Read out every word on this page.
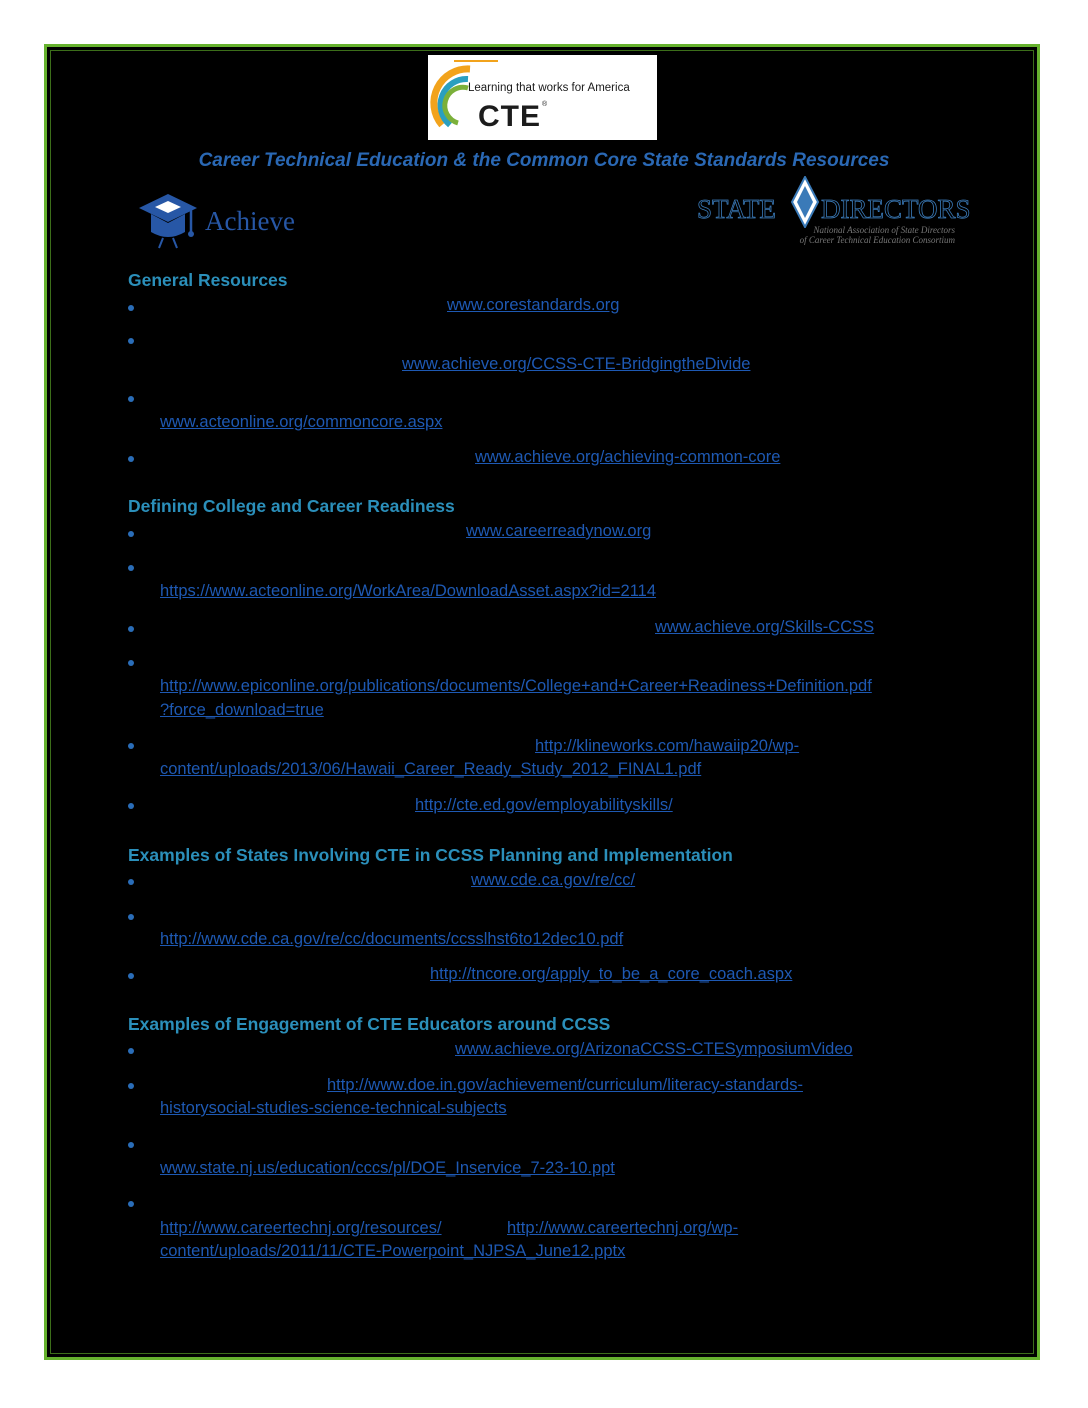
Learning that works for America
CTE ®
Career Technical Education & the Common Core State Standards Resources
Achieve	STATE DIRECTORS
National Association of State Directors
of Career Technical Education Consortium
General Resources
www.corestandards.org
www.achieve.org/CCSS-CTE-BridgingtheDivide
www.acteonline.org/commoncore.aspx
www.achieve.org/achieving-common-core
Defining College and Career Readiness
www.careerreadynow.org
https://www.acteonline.org/WorkArea/DownloadAsset.aspx?id=2114
www.achieve.org/Skills-CCSS
http://www.epiconline.org/publications/documents/College+and+Career+Readiness+Definition.pdf
?force_download=true
http://klineworks.com/hawaiip20/wp-
content/uploads/2013/06/Hawaii_Career_Ready_Study_2012_FINAL1.pdf
http://cte.ed.gov/employabilityskills/
Examples of States Involving CTE in CCSS Planning and Implementation
www.cde.ca.gov/re/cc/
http://www.cde.ca.gov/re/cc/documents/ccsslhst6to12dec10.pdf
http://tncore.org/apply_to_be_a_core_coach.aspx
Examples of Engagement of CTE Educators around CCSS
www.achieve.org/ArizonaCCSS-CTESymposiumVideo
http://www.doe.in.gov/achievement/curriculum/literacy-standards-
historysocial-studies-science-technical-subjects
www.state.nj.us/education/cccs/pl/DOE_Inservice_7-23-10.ppt
http://www.careertechnj.org/resources/	http://www.careertechnj.org/wp-
content/uploads/2011/11/CTE-Powerpoint_NJPSA_June12.pptx
